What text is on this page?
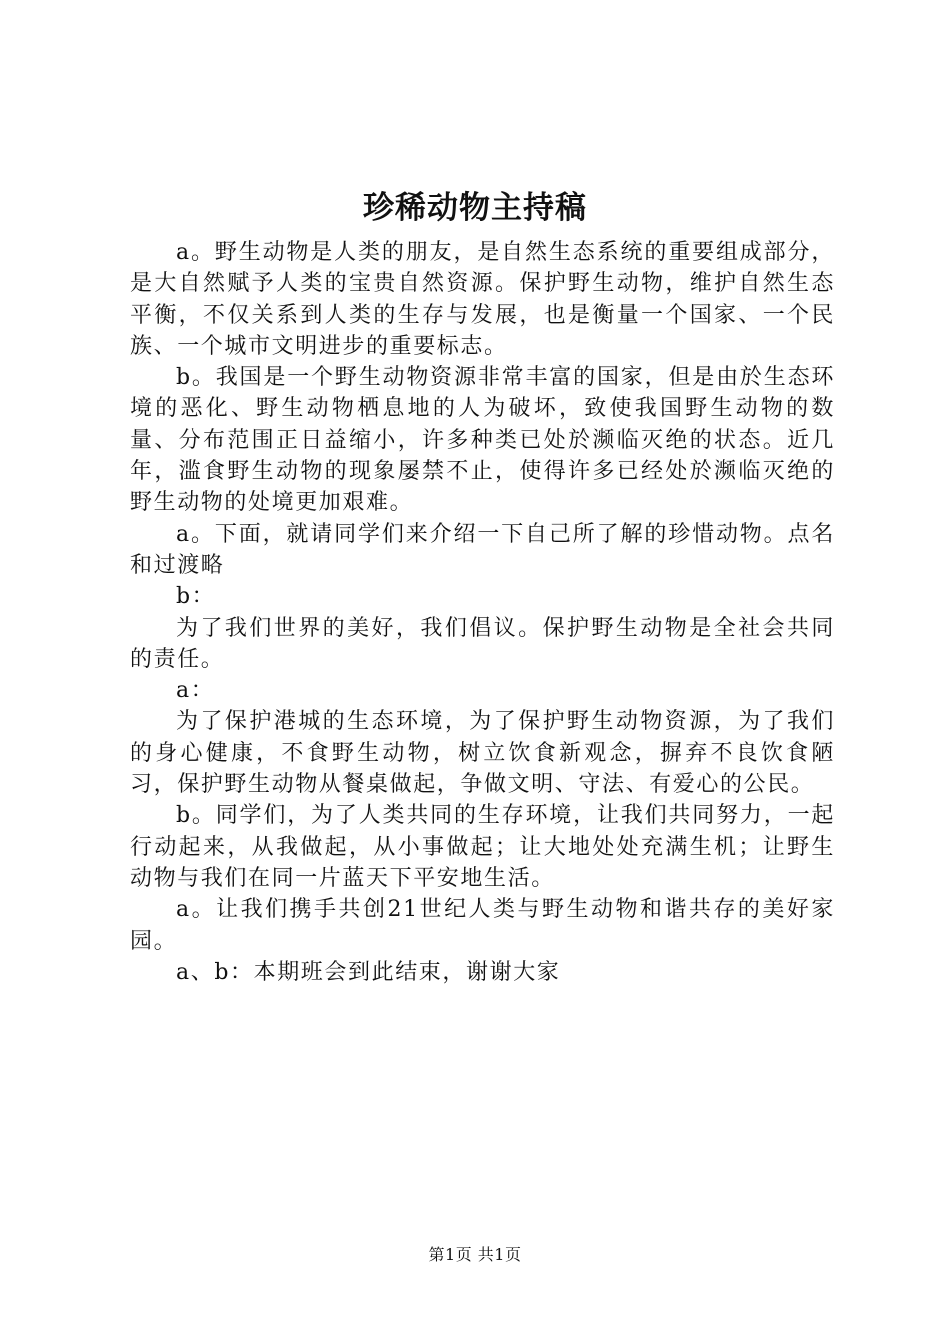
珍稀动物主持稿

a。野生动物是人类的朋友，是自然生态系统的重要组成部分，是大自然赋予人类的宝贵自然资源。保护野生动物，维护自然生态平衡，不仅关系到人类的生存与发展，也是衡量一个国家、一个民族、一个城市文明进步的重要标志。

b。我国是一个野生动物资源非常丰富的国家，但是由於生态环境的恶化、野生动物栖息地的人为破坏，致使我国野生动物的数量、分布范围正日益缩小，许多种类已处於濒临灭绝的状态。近几年，滥食野生动物的现象屡禁不止，使得许多已经处於濒临灭绝的野生动物的处境更加艰难。

a。下面，就请同学们来介绍一下自己所了解的珍惜动物。点名和过渡略

b：

为了我们世界的美好，我们倡议。保护野生动物是全社会共同的责任。

a：

为了保护港城的生态环境，为了保护野生动物资源，为了我们的身心健康，不食野生动物，树立饮食新观念，摒弃不良饮食陋习，保护野生动物从餐桌做起，争做文明、守法、有爱心的公民。

b。同学们，为了人类共同的生存环境，让我们共同努力，一起行动起来，从我做起，从小事做起；让大地处处充满生机；让野生动物与我们在同一片蓝天下平安地生活。

a。让我们携手共创21世纪人类与野生动物和谐共存的美好家园。

a、b：本期班会到此结束，谢谢大家

第1页 共1页
